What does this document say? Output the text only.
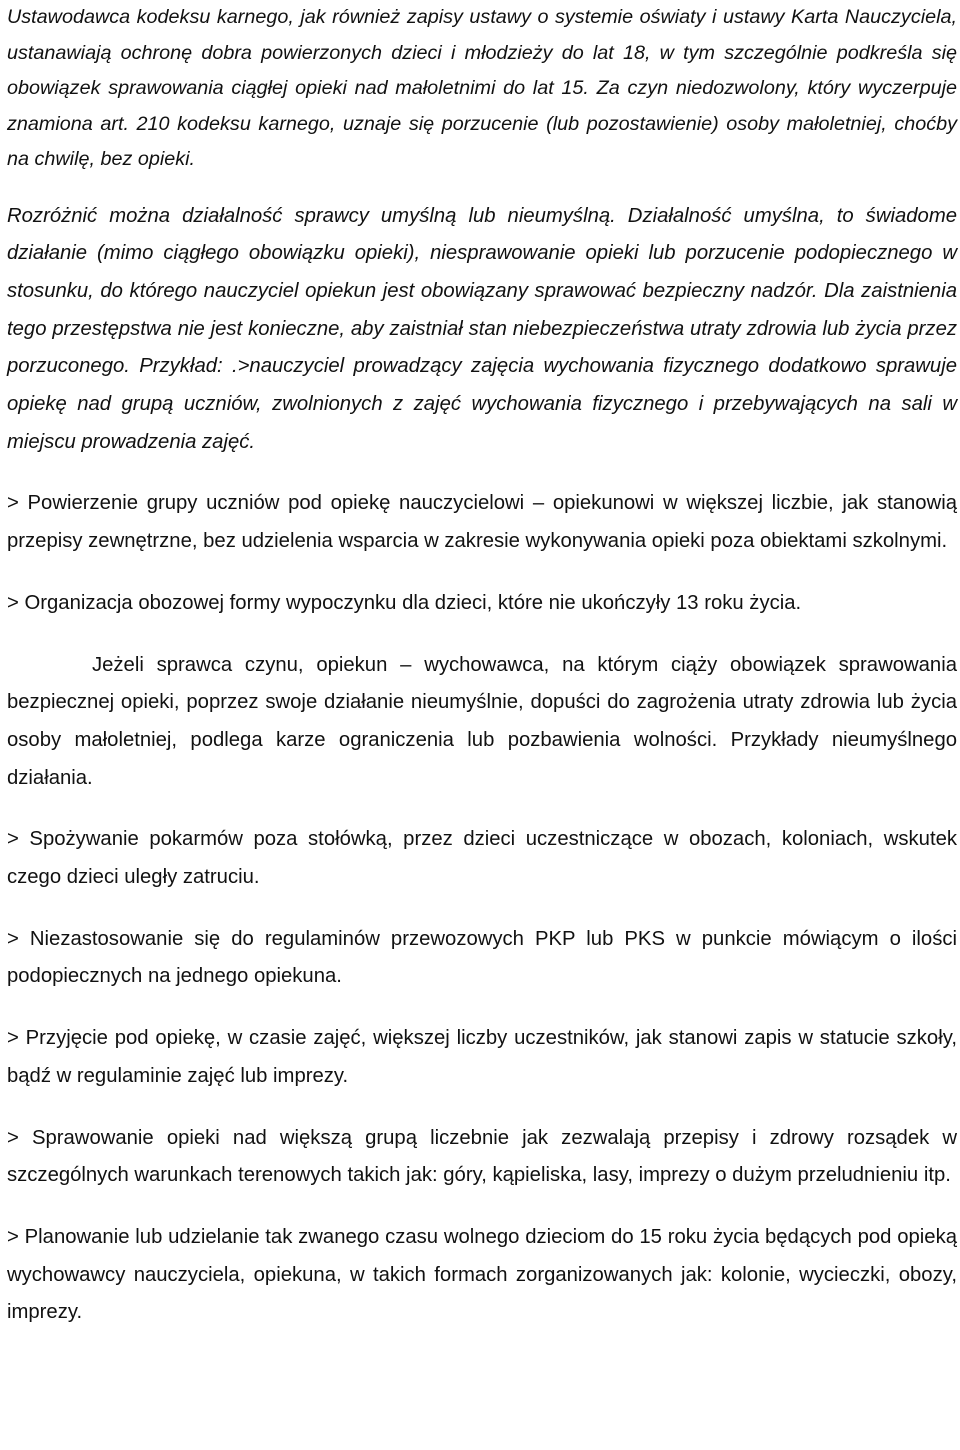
Ustawodawca kodeksu karnego, jak również zapisy ustawy o systemie oświaty i ustawy Karta Nauczyciela, ustanawiają ochronę dobra powierzonych dzieci i młodzieży do lat 18, w tym szczególnie podkreśla się obowiązek sprawowania ciągłej opieki nad małoletnimi do lat 15. Za czyn niedozwolony, który wyczerpuje znamiona art. 210 kodeksu karnego, uznaje się porzucenie (lub pozostawienie) osoby małoletniej, choćby na chwilę, bez opieki.

Rozróżnić można działalność sprawcy umyślną lub nieumyślną. Działalność umyślna, to świadome działanie (mimo ciągłego obowiązku opieki), niesprawowanie opieki lub porzucenie podopiecznego w stosunku, do którego nauczyciel opiekun jest obowiązany sprawować bezpieczny nadzór. Dla zaistnienia tego przestępstwa nie jest konieczne, aby zaistniał stan niebezpieczeństwa utraty zdrowia lub życia przez porzuconego. Przykład: .>nauczyciel prowadzący zajęcia wychowania fizycznego dodatkowo sprawuje opiekę nad grupą uczniów, zwolnionych z zajęć wychowania fizycznego i przebywających na sali w miejscu prowadzenia zajęć.

> Powierzenie grupy uczniów pod opiekę nauczycielowi – opiekunowi w większej liczbie, jak stanowią przepisy zewnętrzne, bez udzielenia wsparcia w zakresie wykonywania opieki poza obiektami szkolnymi.

> Organizacja obozowej formy wypoczynku dla dzieci, które nie ukończyły 13 roku życia.

Jeżeli sprawca czynu, opiekun – wychowawca, na którym ciąży obowiązek sprawowania bezpiecznej opieki, poprzez swoje działanie nieumyślnie, dopuści do zagrożenia utraty zdrowia lub życia osoby małoletniej, podlega karze ograniczenia lub pozbawienia wolności. Przykłady nieumyślnego działania.

> Spożywanie pokarmów poza stołówką, przez dzieci uczestniczące w obozach, koloniach, wskutek czego dzieci uległy zatruciu.

> Niezastosowanie się do regulaminów przewozowych PKP lub PKS w punkcie mówiącym o ilości podopiecznych na jednego opiekuna.

> Przyjęcie pod opiekę, w czasie zajęć, większej liczby uczestników, jak stanowi zapis w statucie szkoły, bądź w regulaminie zajęć lub imprezy.

> Sprawowanie opieki nad większą grupą liczebnie jak zezwalają przepisy i zdrowy rozsądek w szczególnych warunkach terenowych takich jak: góry, kąpieliska, lasy, imprezy o dużym przeludnieniu itp.

> Planowanie lub udzielanie tak zwanego czasu wolnego dzieciom do 15 roku życia będących pod opieką wychowawcy nauczyciela, opiekuna, w takich formach zorganizowanych jak: kolonie, wycieczki, obozy, imprezy.
